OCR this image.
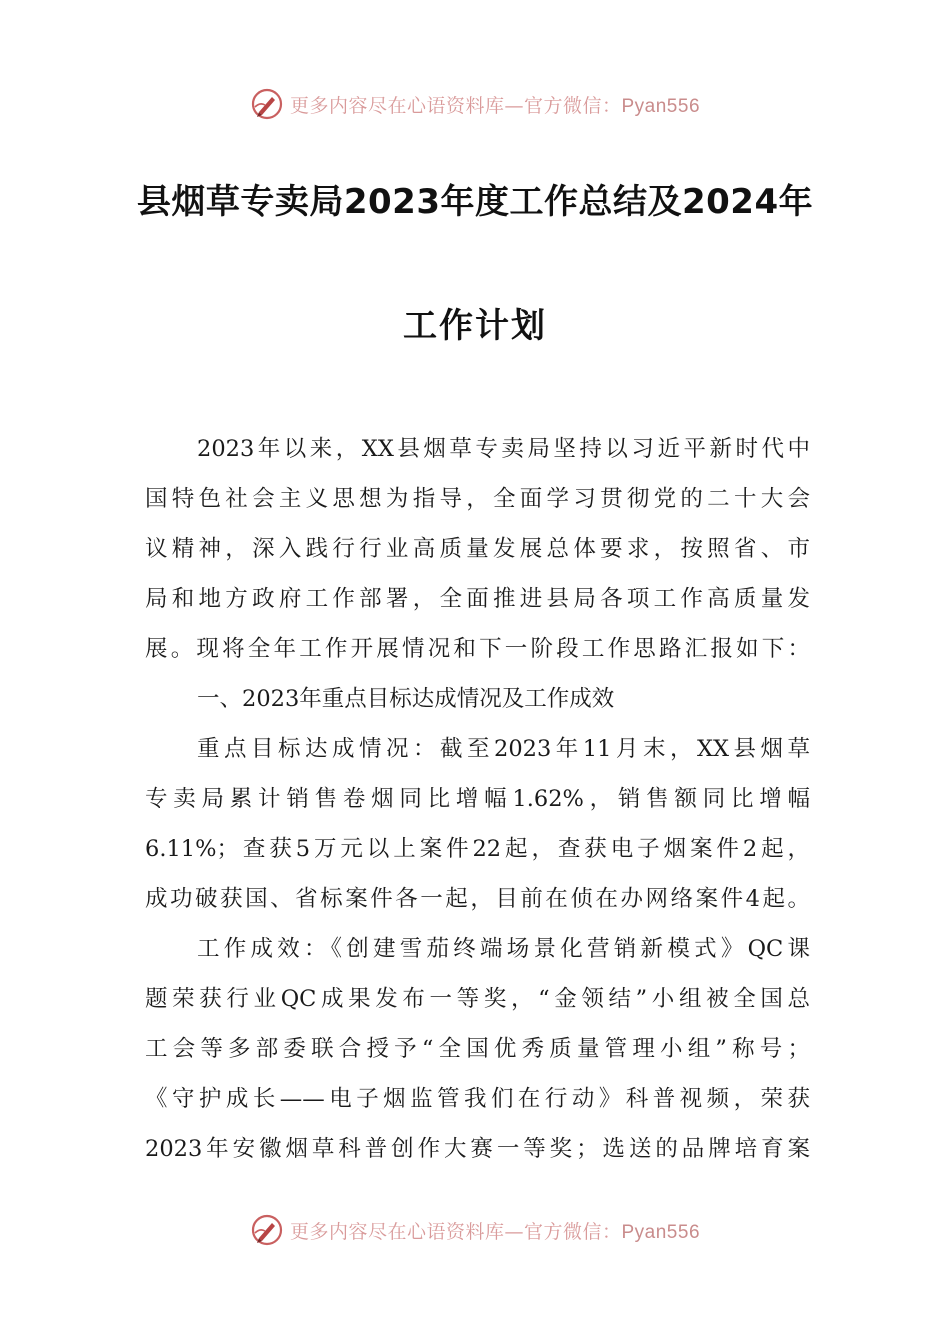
更多内容尽在心语资料库—官方微信：Pyan556
县烟草专卖局2023年度工作总结及2024年
工作计划
2023年以来，XX县烟草专卖局坚持以习近平新时代中
国特色社会主义思想为指导，全面学习贯彻党的二十大会
议精神，深入践行行业高质量发展总体要求，按照省、市
局和地方政府工作部署，全面推进县局各项工作高质量发
展。现将全年工作开展情况和下一阶段工作思路汇报如下：
一、2023年重点目标达成情况及工作成效
重点目标达成情况：截至2023年11月末，XX县烟草
专卖局累计销售卷烟同比增幅1.62%，销售额同比增幅
6.11%；查获5万元以上案件22起，查获电子烟案件2起，
成功破获国、省标案件各一起，目前在侦在办网络案件4起。
工作成效：《创建雪茄终端场景化营销新模式》QC课
题荣获行业QC成果发布一等奖，“金领结”小组被全国总
工会等多部委联合授予“全国优秀质量管理小组”称号；
《守护成长——电子烟监管我们在行动》科普视频，荣获
2023年安徽烟草科普创作大赛一等奖；选送的品牌培育案
更多内容尽在心语资料库—官方微信：Pyan556
